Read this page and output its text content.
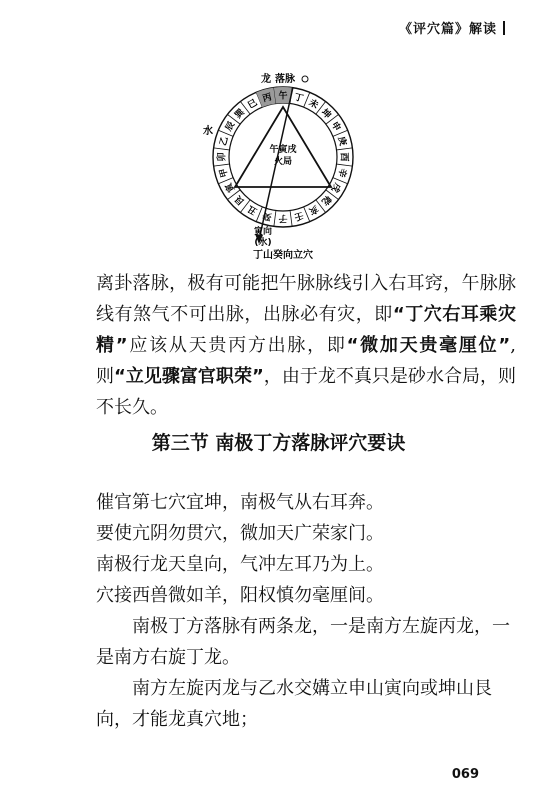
《评穴篇》解读
丙 午 丁 未
坤
申
庚
酉
辛
戌
乾
亥
壬
子
癸
丑
艮
寅
甲
卯
乙
辰
巽
巳
龙 落脉
水
午寅戌
火局
寅向
(水)
丁山癸向立穴
离卦落脉，极有可能把午脉脉线引入右耳窍，午脉脉线有煞气不可出脉，出脉必有灾，即“丁穴右耳乘灾精”应该从天贵丙方出脉，即“微加天贵毫厘位”,则“立见骤富官职荣”，由于龙不真只是砂水合局，则不长久。
第三节 南极丁方落脉评穴要诀
催官第七穴宜坤，南极气从右耳奔。
要使亢阴勿贯穴，微加天广荣家门。
南极行龙天皇向，气冲左耳乃为上。
穴接西兽微如羊，阳权慎勿毫厘间。
南极丁方落脉有两条龙，一是南方左旋丙龙，一是南方右旋丁龙。
南方左旋丙龙与乙水交媾立申山寅向或坤山艮向，才能龙真穴地；
069
